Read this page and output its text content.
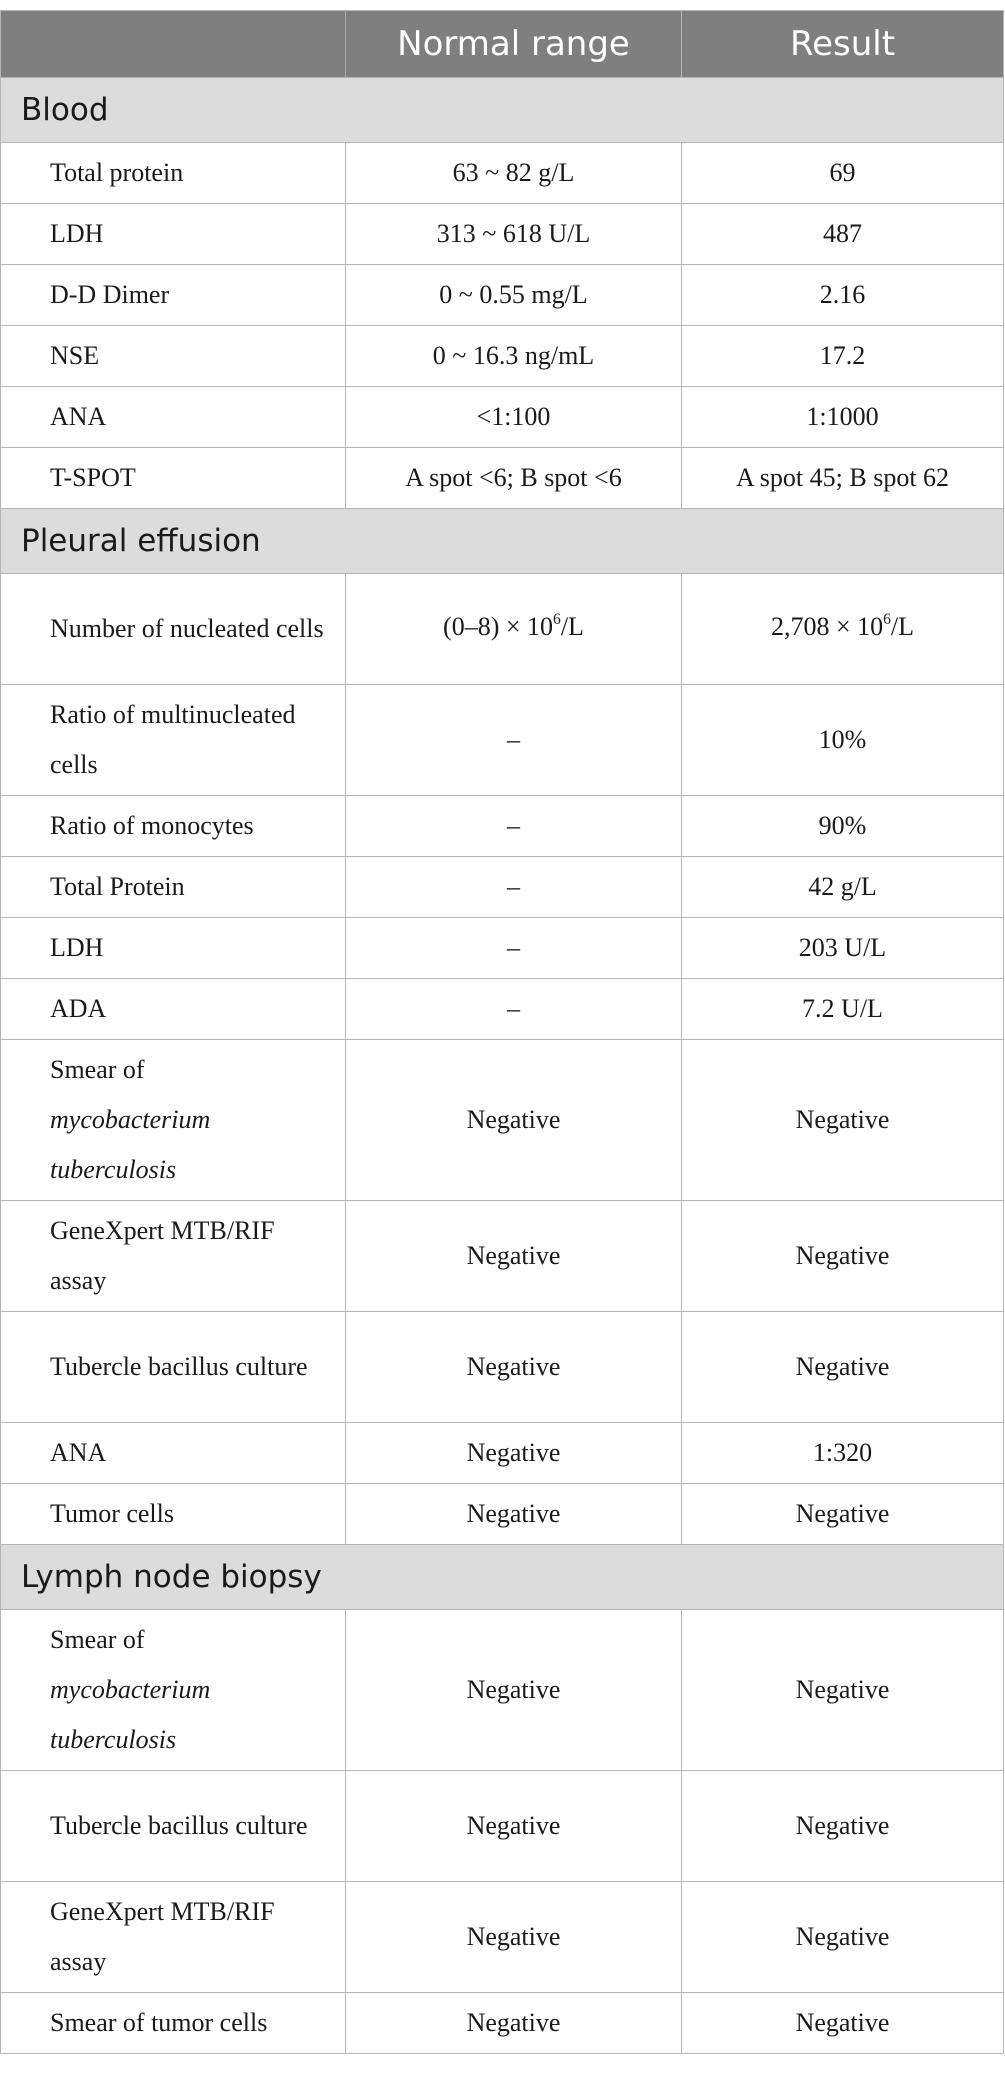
	Normal range	Result
Blood		
Total protein	63 ~ 82 g/L	69
LDH	313 ~ 618 U/L	487
D-D Dimer	0 ~ 0.55 mg/L	2.16
NSE	0 ~ 16.3 ng/mL	17.2
ANA	<1:100	1:1000
T-SPOT	A spot <6; B spot <6	A spot 45; B spot 62
Pleural effusion		
Number of nucleated cells	$(0-8) \times 10^6/L$	$2,708 \times 10^6/L$
Ratio of multinucleated cells	–	10%
Ratio of monocytes	–	90%
Total Protein	–	42 g/L
LDH	–	203 U/L
ADA	–	7.2 U/L
Smear of
mycobacterium tuberculosis	Negative	Negative
GeneXpert MTB/RIF assay	Negative	Negative
Tubercle bacillus culture	Negative	Negative
ANA	Negative	1:320
Tumor cells	Negative	Negative
Lymph node biopsy		
Smear of
mycobacterium tuberculosis	Negative	Negative
Tubercle bacillus culture	Negative	Negative
GeneXpert MTB/RIF assay	Negative	Negative
Smear of tumor cells	Negative	Negative
